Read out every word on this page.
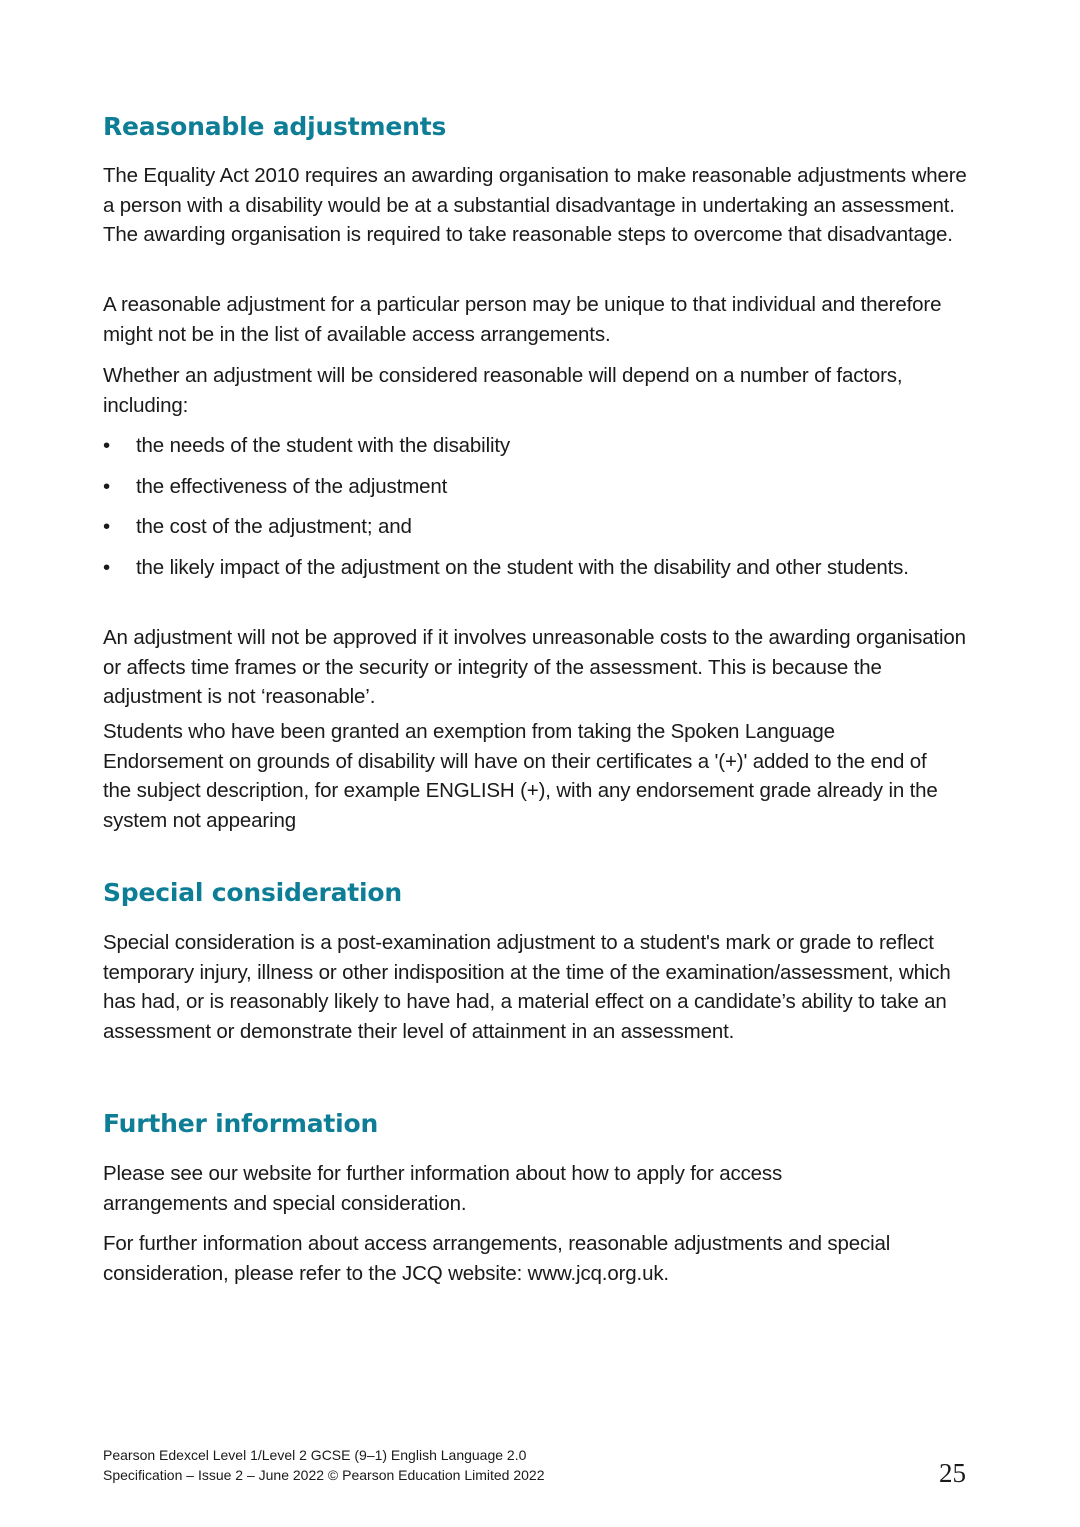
Reasonable adjustments

The Equality Act 2010 requires an awarding organisation to make reasonable adjustments where a person with a disability would be at a substantial disadvantage in undertaking an assessment. The awarding organisation is required to take reasonable steps to overcome that disadvantage.

A reasonable adjustment for a particular person may be unique to that individual and therefore might not be in the list of available access arrangements.

Whether an adjustment will be considered reasonable will depend on a number of factors, including:

• the needs of the student with the disability
• the effectiveness of the adjustment
• the cost of the adjustment; and
• the likely impact of the adjustment on the student with the disability and other students.

An adjustment will not be approved if it involves unreasonable costs to the awarding organisation or affects time frames or the security or integrity of the assessment. This is because the adjustment is not ‘reasonable’.

Students who have been granted an exemption from taking the Spoken Language Endorsement on grounds of disability will have on their certificates a '(+)' added to the end of the subject description, for example ENGLISH (+), with any endorsement grade already in the system not appearing

Special consideration

Special consideration is a post-examination adjustment to a student's mark or grade to reflect temporary injury, illness or other indisposition at the time of the examination/assessment, which has had, or is reasonably likely to have had, a material effect on a candidate’s ability to take an assessment or demonstrate their level of attainment in an assessment.

Further information

Please see our website for further information about how to apply for access arrangements and special consideration.

For further information about access arrangements, reasonable adjustments and special consideration, please refer to the JCQ website: www.jcq.org.uk.

Pearson Edexcel Level 1/Level 2 GCSE (9–1) English Language 2.0
Specification – Issue 2 – June 2022 © Pearson Education Limited 2022	25
